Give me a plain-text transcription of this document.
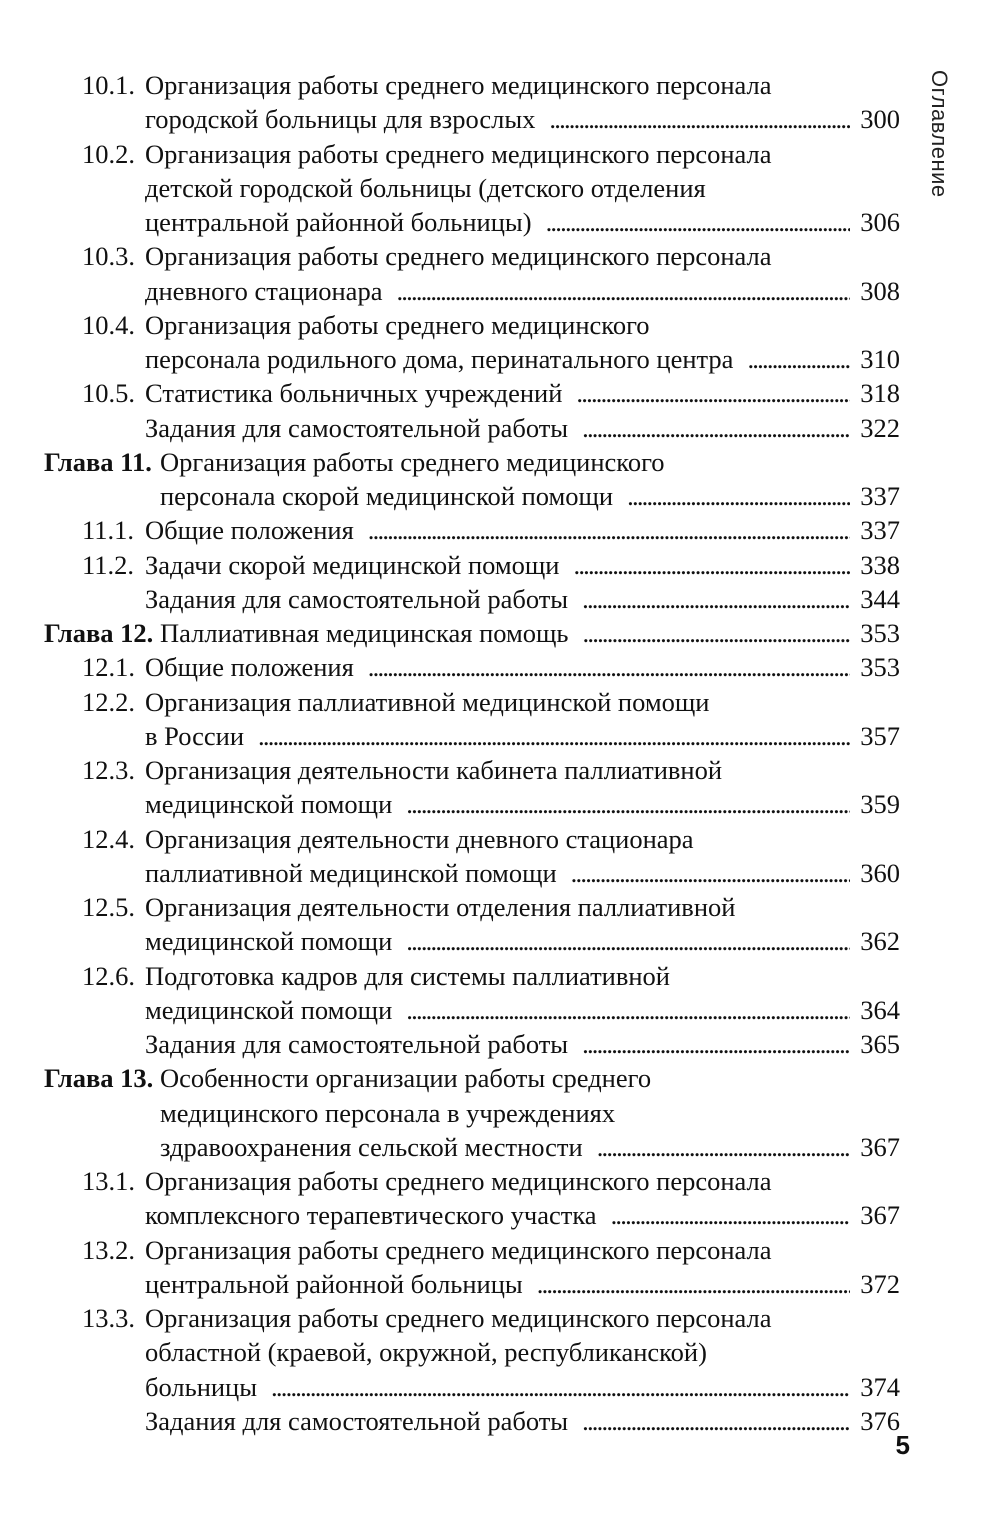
Оглавление
10.1. Организация работы среднего медицинского персонала
городской больницы для взрослых . . .	300
10.2. Организация работы среднего медицинского персонала
детской городской больницы (детского отделения
центральной районной больницы) . . .	306
10.3. Организация работы среднего медицинского персонала
дневного стационара . . .	308
10.4. Организация работы среднего медицинского
персонала родильного дома, перинатального центра . . .	310
10.5. Статистика больничных учреждений . . .	318
Задания для самостоятельной работы . . .	322
Глава 11. Организация работы среднего медицинского
персонала скорой медицинской помощи . . .	337
11.1. Общие положения . . .	337
11.2. Задачи скорой медицинской помощи . . .	338
Задания для самостоятельной работы . . .	344
Глава 12. Паллиативная медицинская помощь . . .	353
12.1. Общие положения . . .	353
12.2. Организация паллиативной медицинской помощи
в России . . .	357
12.3. Организация деятельности кабинета паллиативной
медицинской помощи . . .	359
12.4. Организация деятельности дневного стационара
паллиативной медицинской помощи . . .	360
12.5. Организация деятельности отделения паллиативной
медицинской помощи . . .	362
12.6. Подготовка кадров для системы паллиативной
медицинской помощи . . .	364
Задания для самостоятельной работы . . .	365
Глава 13. Особенности организации работы среднего
медицинского персонала в учреждениях
здравоохранения сельской местности . . .	367
13.1. Организация работы среднего медицинского персонала
комплексного терапевтического участка . . .	367
13.2. Организация работы среднего медицинского персонала
центральной районной больницы . . .	372
13.3. Организация работы среднего медицинского персонала
областной (краевой, окружной, республиканской)
больницы . . .	374
Задания для самостоятельной работы . . .	376
5
